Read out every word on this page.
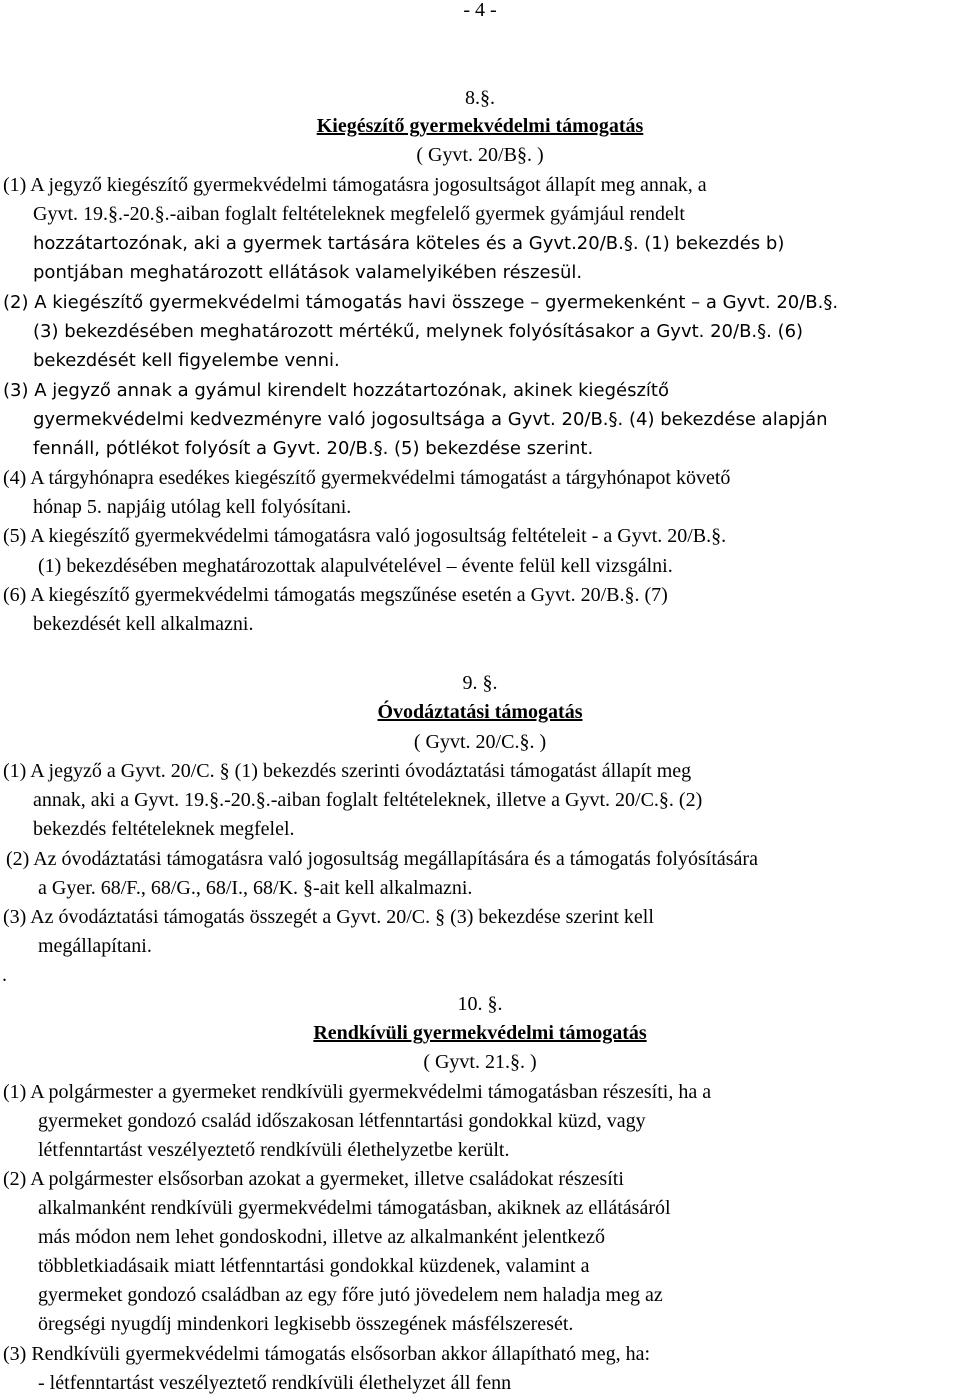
- 4 -
8.§.
Kiegészítő gyermekvédelmi támogatás
( Gyvt. 20/B§. )
(1) A jegyző kiegészítő gyermekvédelmi támogatásra jogosultságot állapít meg annak, a
Gyvt. 19.§.-20.§.-aiban foglalt feltételeknek megfelelő gyermek gyámjául rendelt
hozzátartozónak, aki a gyermek tartására köteles és a Gyvt.20/B.§. (1) bekezdés b)
pontjában meghatározott ellátások valamelyikében részesül.
(2) A kiegészítő gyermekvédelmi támogatás havi összege – gyermekenként – a Gyvt. 20/B.§.
(3) bekezdésében meghatározott mértékű, melynek folyósításakor a Gyvt. 20/B.§. (6)
bekezdését kell figyelembe venni.
(3) A jegyző annak a gyámul kirendelt hozzátartozónak, akinek kiegészítő
gyermekvédelmi kedvezményre való jogosultsága a Gyvt. 20/B.§. (4) bekezdése alapján
fennáll, pótlékot folyósít a Gyvt. 20/B.§. (5) bekezdése szerint.
(4) A tárgyhónapra esedékes kiegészítő gyermekvédelmi támogatást a tárgyhónapot követő
hónap 5. napjáig utólag kell folyósítani.
(5) A kiegészítő gyermekvédelmi támogatásra való jogosultság feltételeit - a Gyvt. 20/B.§.
(1) bekezdésében meghatározottak alapulvételével – évente felül kell vizsgálni.
(6) A kiegészítő gyermekvédelmi támogatás megszűnése esetén a Gyvt. 20/B.§. (7)
bekezdését kell alkalmazni.
9. §.
Óvodáztatási támogatás
( Gyvt. 20/C.§. )
(1) A jegyző a Gyvt. 20/C. § (1) bekezdés szerinti óvodáztatási támogatást állapít meg
annak, aki a Gyvt. 19.§.-20.§.-aiban foglalt feltételeknek, illetve a Gyvt. 20/C.§. (2)
bekezdés feltételeknek megfelel.
(2) Az óvodáztatási támogatásra való jogosultság megállapítására és a támogatás folyósítására
a Gyer. 68/F., 68/G., 68/I., 68/K. §-ait kell alkalmazni.
(3) Az óvodáztatási támogatás összegét a Gyvt. 20/C. § (3) bekezdése szerint kell
megállapítani.
.
10. §.
Rendkívüli gyermekvédelmi támogatás
( Gyvt. 21.§. )
(1) A polgármester a gyermeket rendkívüli gyermekvédelmi támogatásban részesíti, ha a
gyermeket gondozó család időszakosan létfenntartási gondokkal küzd, vagy
létfenntartást veszélyeztető rendkívüli élethelyzetbe került.
(2) A polgármester elsősorban azokat a gyermeket, illetve családokat részesíti
alkalmanként rendkívüli gyermekvédelmi támogatásban, akiknek az ellátásáról
más módon nem lehet gondoskodni, illetve az alkalmanként jelentkező
többletkiadásaik miatt létfenntartási gondokkal küzdenek, valamint a
gyermeket gondozó családban az egy főre jutó jövedelem nem haladja meg az
öregségi nyugdíj mindenkori legkisebb összegének másfélszeresét.
(3) Rendkívüli gyermekvédelmi támogatás elsősorban akkor állapítható meg, ha:
- létfenntartást veszélyeztető rendkívüli élethelyzet áll fenn
